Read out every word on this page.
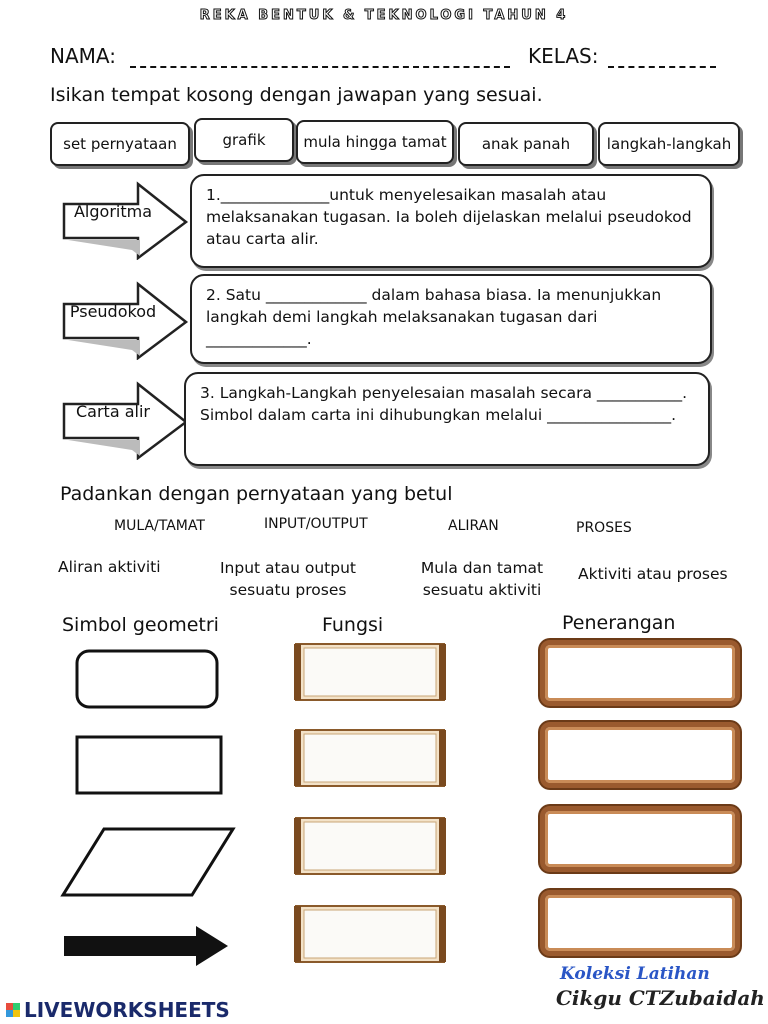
REKA BENTUK & TEKNOLOGI TAHUN 4
NAMA:	KELAS:
Isikan tempat kosong dengan jawapan yang sesuai.
set pernyataan	grafik	mula hingga tamat	anak panah	langkah-langkah
Algoritma
1.______________untuk menyelesaikan masalah atau melaksanakan tugasan. Ia boleh dijelaskan melalui pseudokod atau carta alir.
Pseudokod
2. Satu _____________ dalam bahasa biasa. Ia menunjukkan langkah demi langkah melaksanakan tugasan dari _____________.
Carta alir
3. Langkah-Langkah penyelesaian masalah secara ___________. Simbol dalam carta ini dihubungkan melalui ________________.
Padankan dengan pernyataan yang betul
MULA/TAMAT	INPUT/OUTPUT	ALIRAN	PROSES
Aliran aktiviti	Input atau output sesuatu proses
Mula dan tamat sesuatu aktiviti
Aktiviti atau proses
Simbol geometri	Fungsi	Penerangan
LIVEWORKSHEETS
Koleksi Latihan
Cikgu CTZubaidah
